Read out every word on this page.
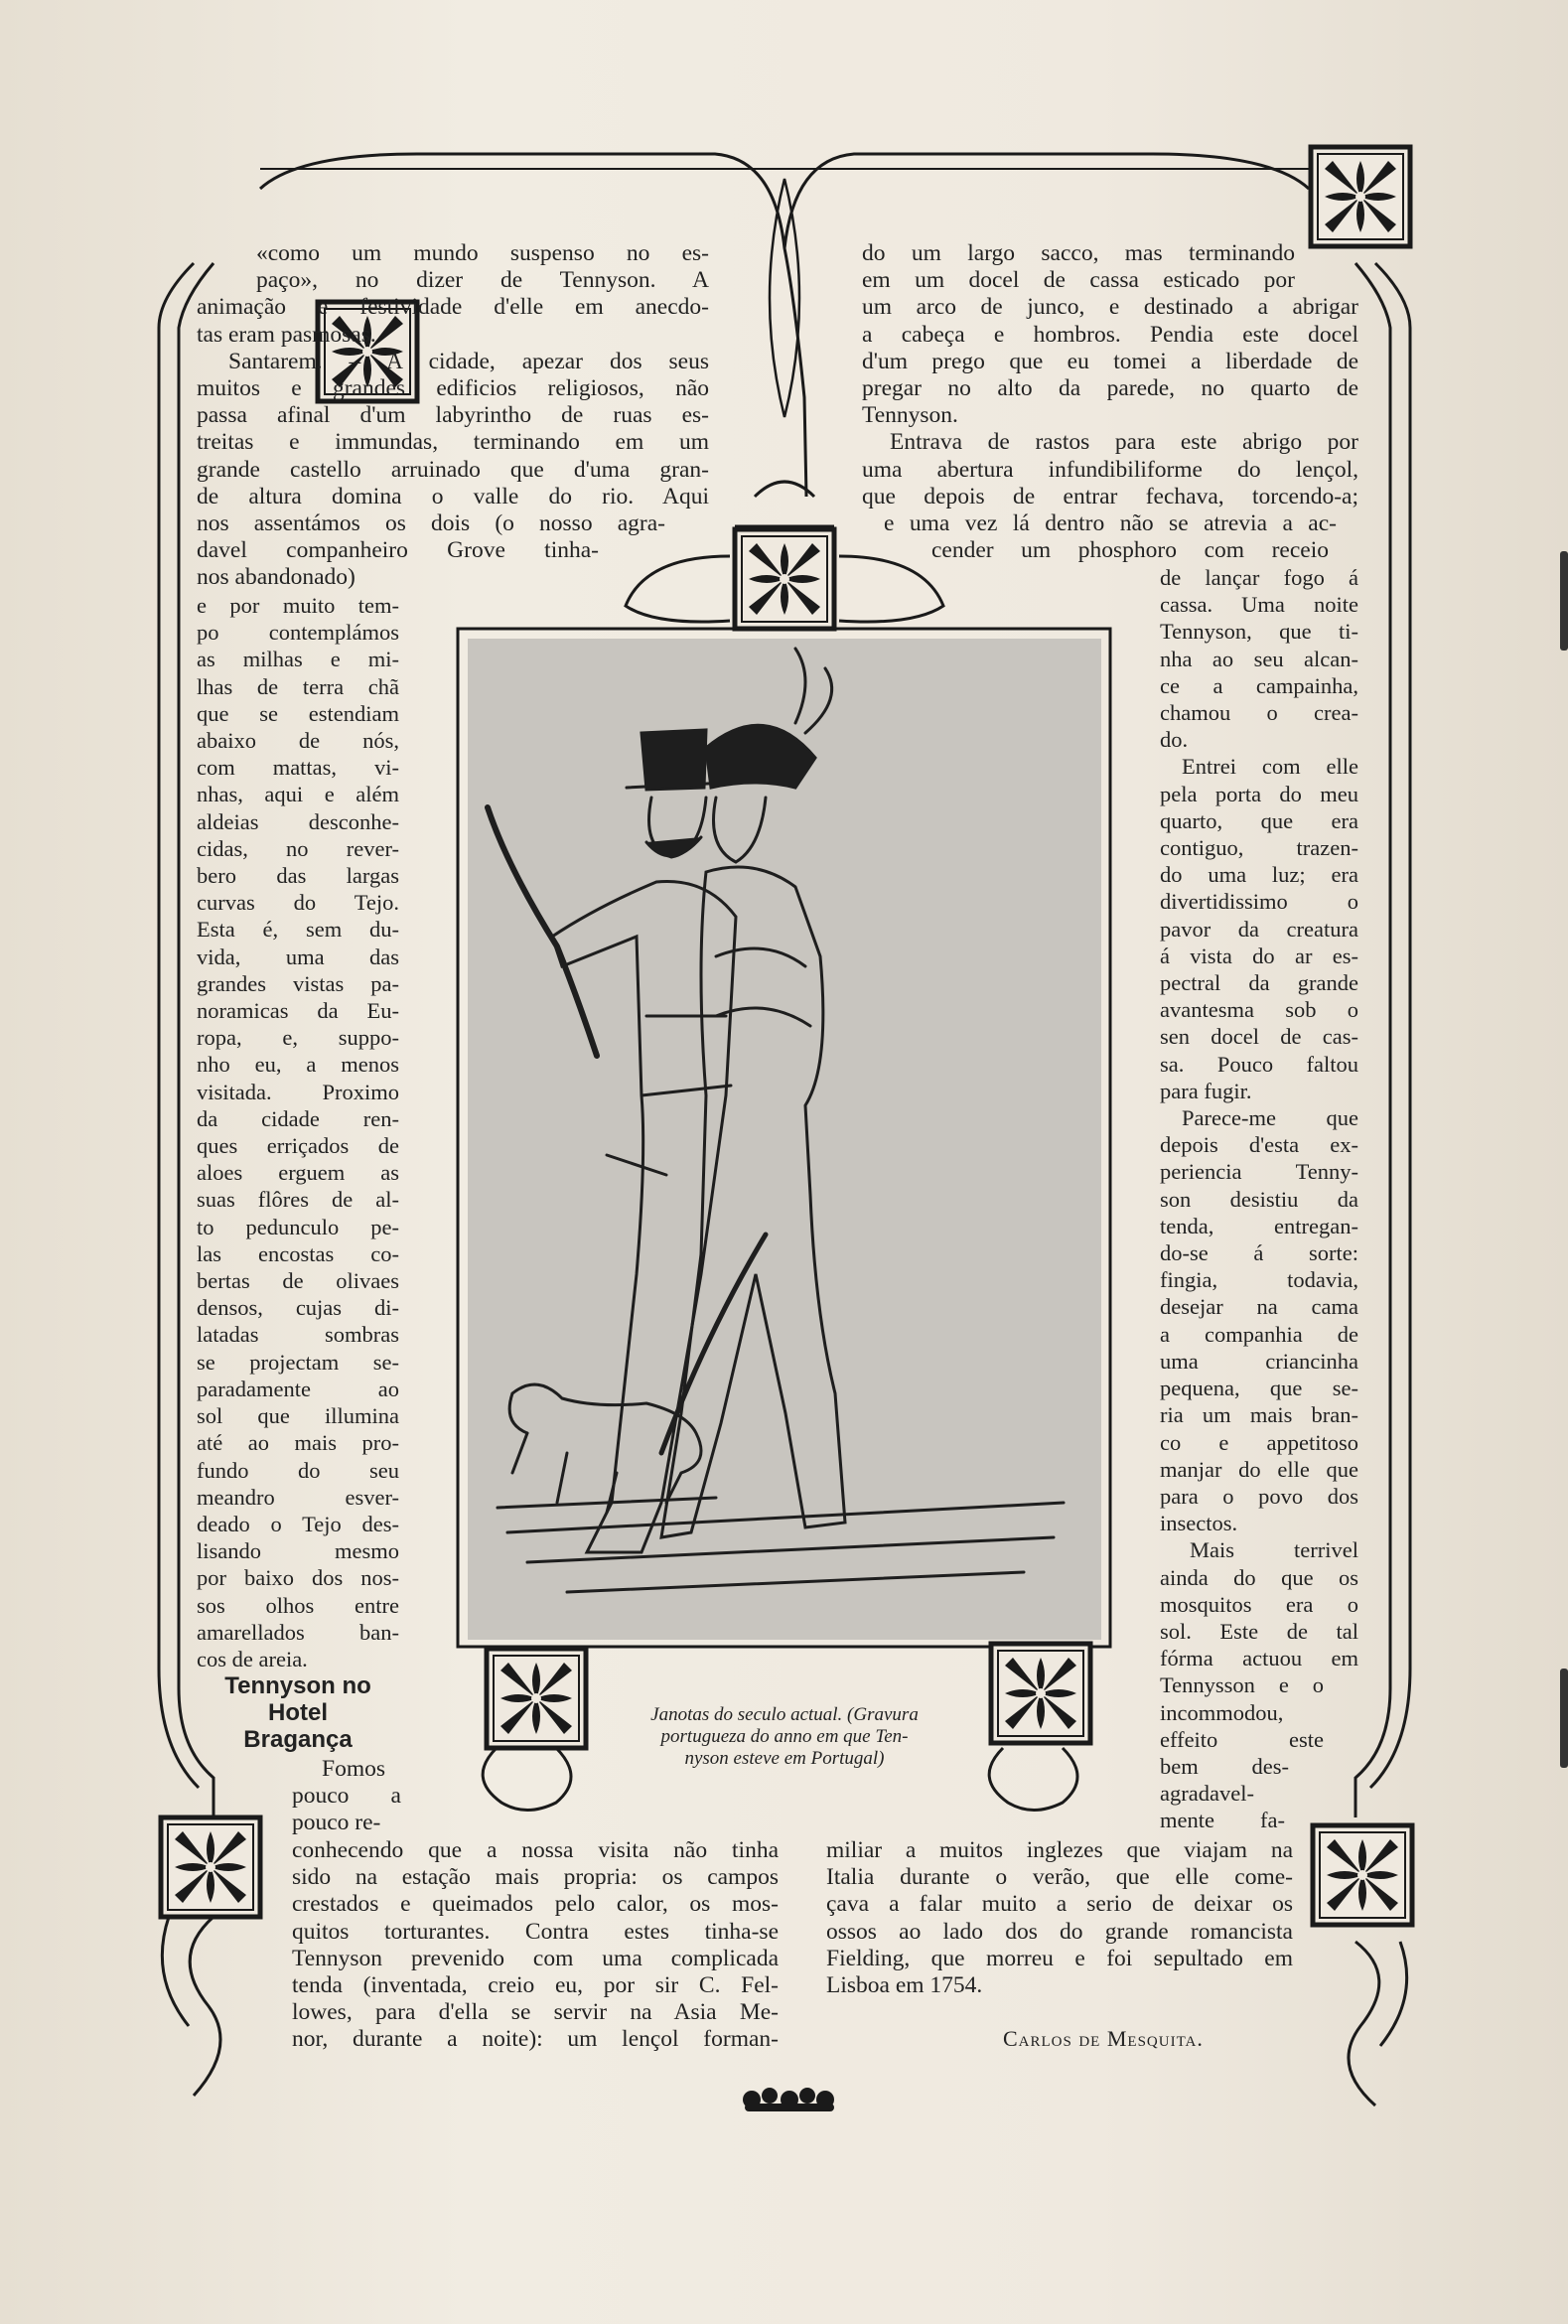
«como um mundo suspenso no es-
paço», no dizer de Tennyson. A
animação e festividade d'elle em anecdo-
tas eram pasmosas.
Santarem. – A cidade, apezar dos seus
muitos e grandes edificios religiosos, não
passa afinal d'um labyrintho de ruas es-
treitas e immundas, terminando em um
grande castello arruinado que d'uma gran-
de altura domina o valle do rio. Aqui
nos assentámos os dois (o nosso agra-
davel companheiro Grove tinha-
nos abandonado)
e por muito tem-
po contemplámos
as milhas e mi-
lhas de terra chã
que se estendiam
abaixo de nós,
com mattas, vi-
nhas, aqui e além
aldeias desconhe-
cidas, no rever-
bero das largas
curvas do Tejo.
Esta é, sem du-
vida, uma das
grandes vistas pa-
noramicas da Eu-
ropa, e, suppo-
nho eu, a menos
visitada. Proximo
da cidade ren-
ques erriçados de
aloes erguem as
suas flôres de al-
to pedunculo pe-
las encostas co-
bertas de olivaes
densos, cujas di-
latadas sombras
se projectam se-
paradamente ao
sol que illumina
até ao mais pro-
fundo do seu
meandro esver-
deado o Tejo des-
lisando mesmo
por baixo dos nos-
sos olhos entre
amarellados ban-
cos de areia.
Tennyson no
Hotel
Bragança
Fomos
pouco a
pouco re-
conhecendo que a nossa visita não tinha
sido na estação mais propria: os campos
crestados e queimados pelo calor, os mos-
quitos torturantes. Contra estes tinha-se
Tennyson prevenido com uma complicada
tenda (inventada, creio eu, por sir C. Fel-
lowes, para d'ella se servir na Asia Me-
nor, durante a noite): um lençol forman-
do um largo sacco, mas terminando
em um docel de cassa esticado por
um arco de junco, e destinado a abrigar
a cabeça e hombros. Pendia este docel
d'um prego que eu tomei a liberdade de
pregar no alto da parede, no quarto de
Tennyson.
Entrava de rastos para este abrigo por
uma abertura infundibiliforme do lençol,
que depois de entrar fechava, torcendo-a;
e uma vez lá dentro não se atrevia a ac-
cender um phosphoro com receio
de lançar fogo á
cassa. Uma noite
Tennyson, que ti-
nha ao seu alcan-
ce a campainha,
chamou o crea-
do.
Entrei com elle
pela porta do meu
quarto, que era
contiguo, trazen-
do uma luz; era
divertidissimo o
pavor da creatura
á vista do ar es-
pectral da grande
avantesma sob o
sen docel de cas-
sa. Pouco faltou
para fugir.
Parece-me que
depois d'esta ex-
periencia Tenny-
son desistiu da
tenda, entregan-
do-se á sorte:
fingia, todavia,
desejar na cama
a companhia de
uma criancinha
pequena, que se-
ria um mais bran-
co e appetitoso
manjar do elle que
para o povo dos
insectos.
Mais terrivel
ainda do que os
mosquitos era o
sol. Este de tal
fórma actuou em
Tennysson e o
incommodou,
effeito este
bem des-
agradavel-
mente fa-
miliar a muitos inglezes que viajam na
Italia durante o verão, que elle come-
çava a falar muito a serio de deixar os
ossos ao lado dos do grande romancista
Fielding, que morreu e foi sepultado em
Lisboa em 1754.
Carlos de Mesquita.
Janotas do seculo actual. (Gravura
portugueza do anno em que Ten-
nyson esteve em Portugal)
